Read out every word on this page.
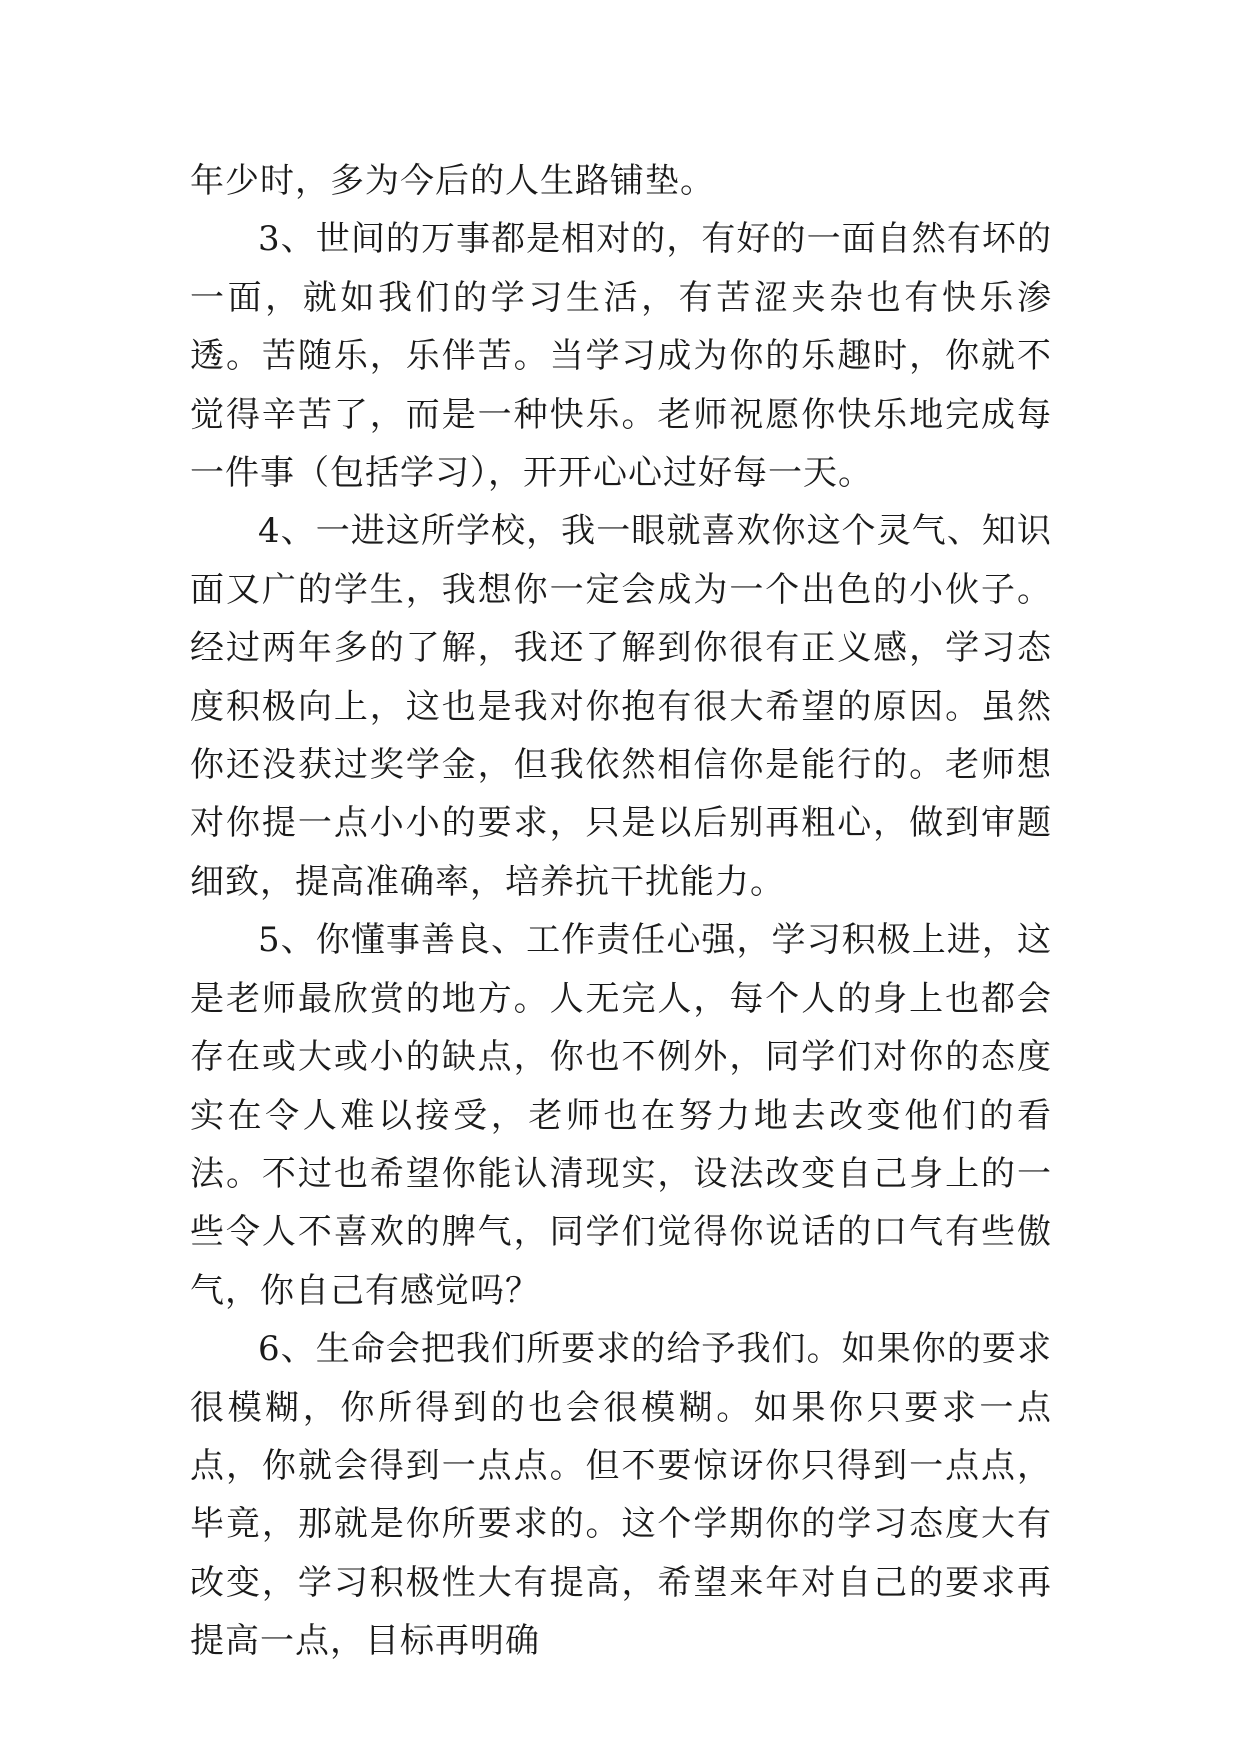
年少时，多为今后的人生路铺垫。

3、世间的万事都是相对的，有好的一面自然有坏的一面，就如我们的学习生活，有苦涩夹杂也有快乐渗透。苦随乐，乐伴苦。当学习成为你的乐趣时，你就不觉得辛苦了，而是一种快乐。老师祝愿你快乐地完成每一件事（包括学习），开开心心过好每一天。

4、一进这所学校，我一眼就喜欢你这个灵气、知识面又广的学生，我想你一定会成为一个出色的小伙子。经过两年多的了解，我还了解到你很有正义感，学习态度积极向上，这也是我对你抱有很大希望的原因。虽然你还没获过奖学金，但我依然相信你是能行的。老师想对你提一点小小的要求，只是以后别再粗心，做到审题细致，提高准确率，培养抗干扰能力。

5、你懂事善良、工作责任心强，学习积极上进，这是老师最欣赏的地方。人无完人，每个人的身上也都会存在或大或小的缺点，你也不例外，同学们对你的态度实在令人难以接受，老师也在努力地去改变他们的看法。不过也希望你能认清现实，设法改变自己身上的一些令人不喜欢的脾气，同学们觉得你说话的口气有些傲气，你自己有感觉吗？

6、生命会把我们所要求的给予我们。如果你的要求很模糊，你所得到的也会很模糊。如果你只要求一点点，你就会得到一点点。但不要惊讶你只得到一点点，毕竟，那就是你所要求的。这个学期你的学习态度大有改变，学习积极性大有提高，希望来年对自己的要求再提高一点，目标再明确
